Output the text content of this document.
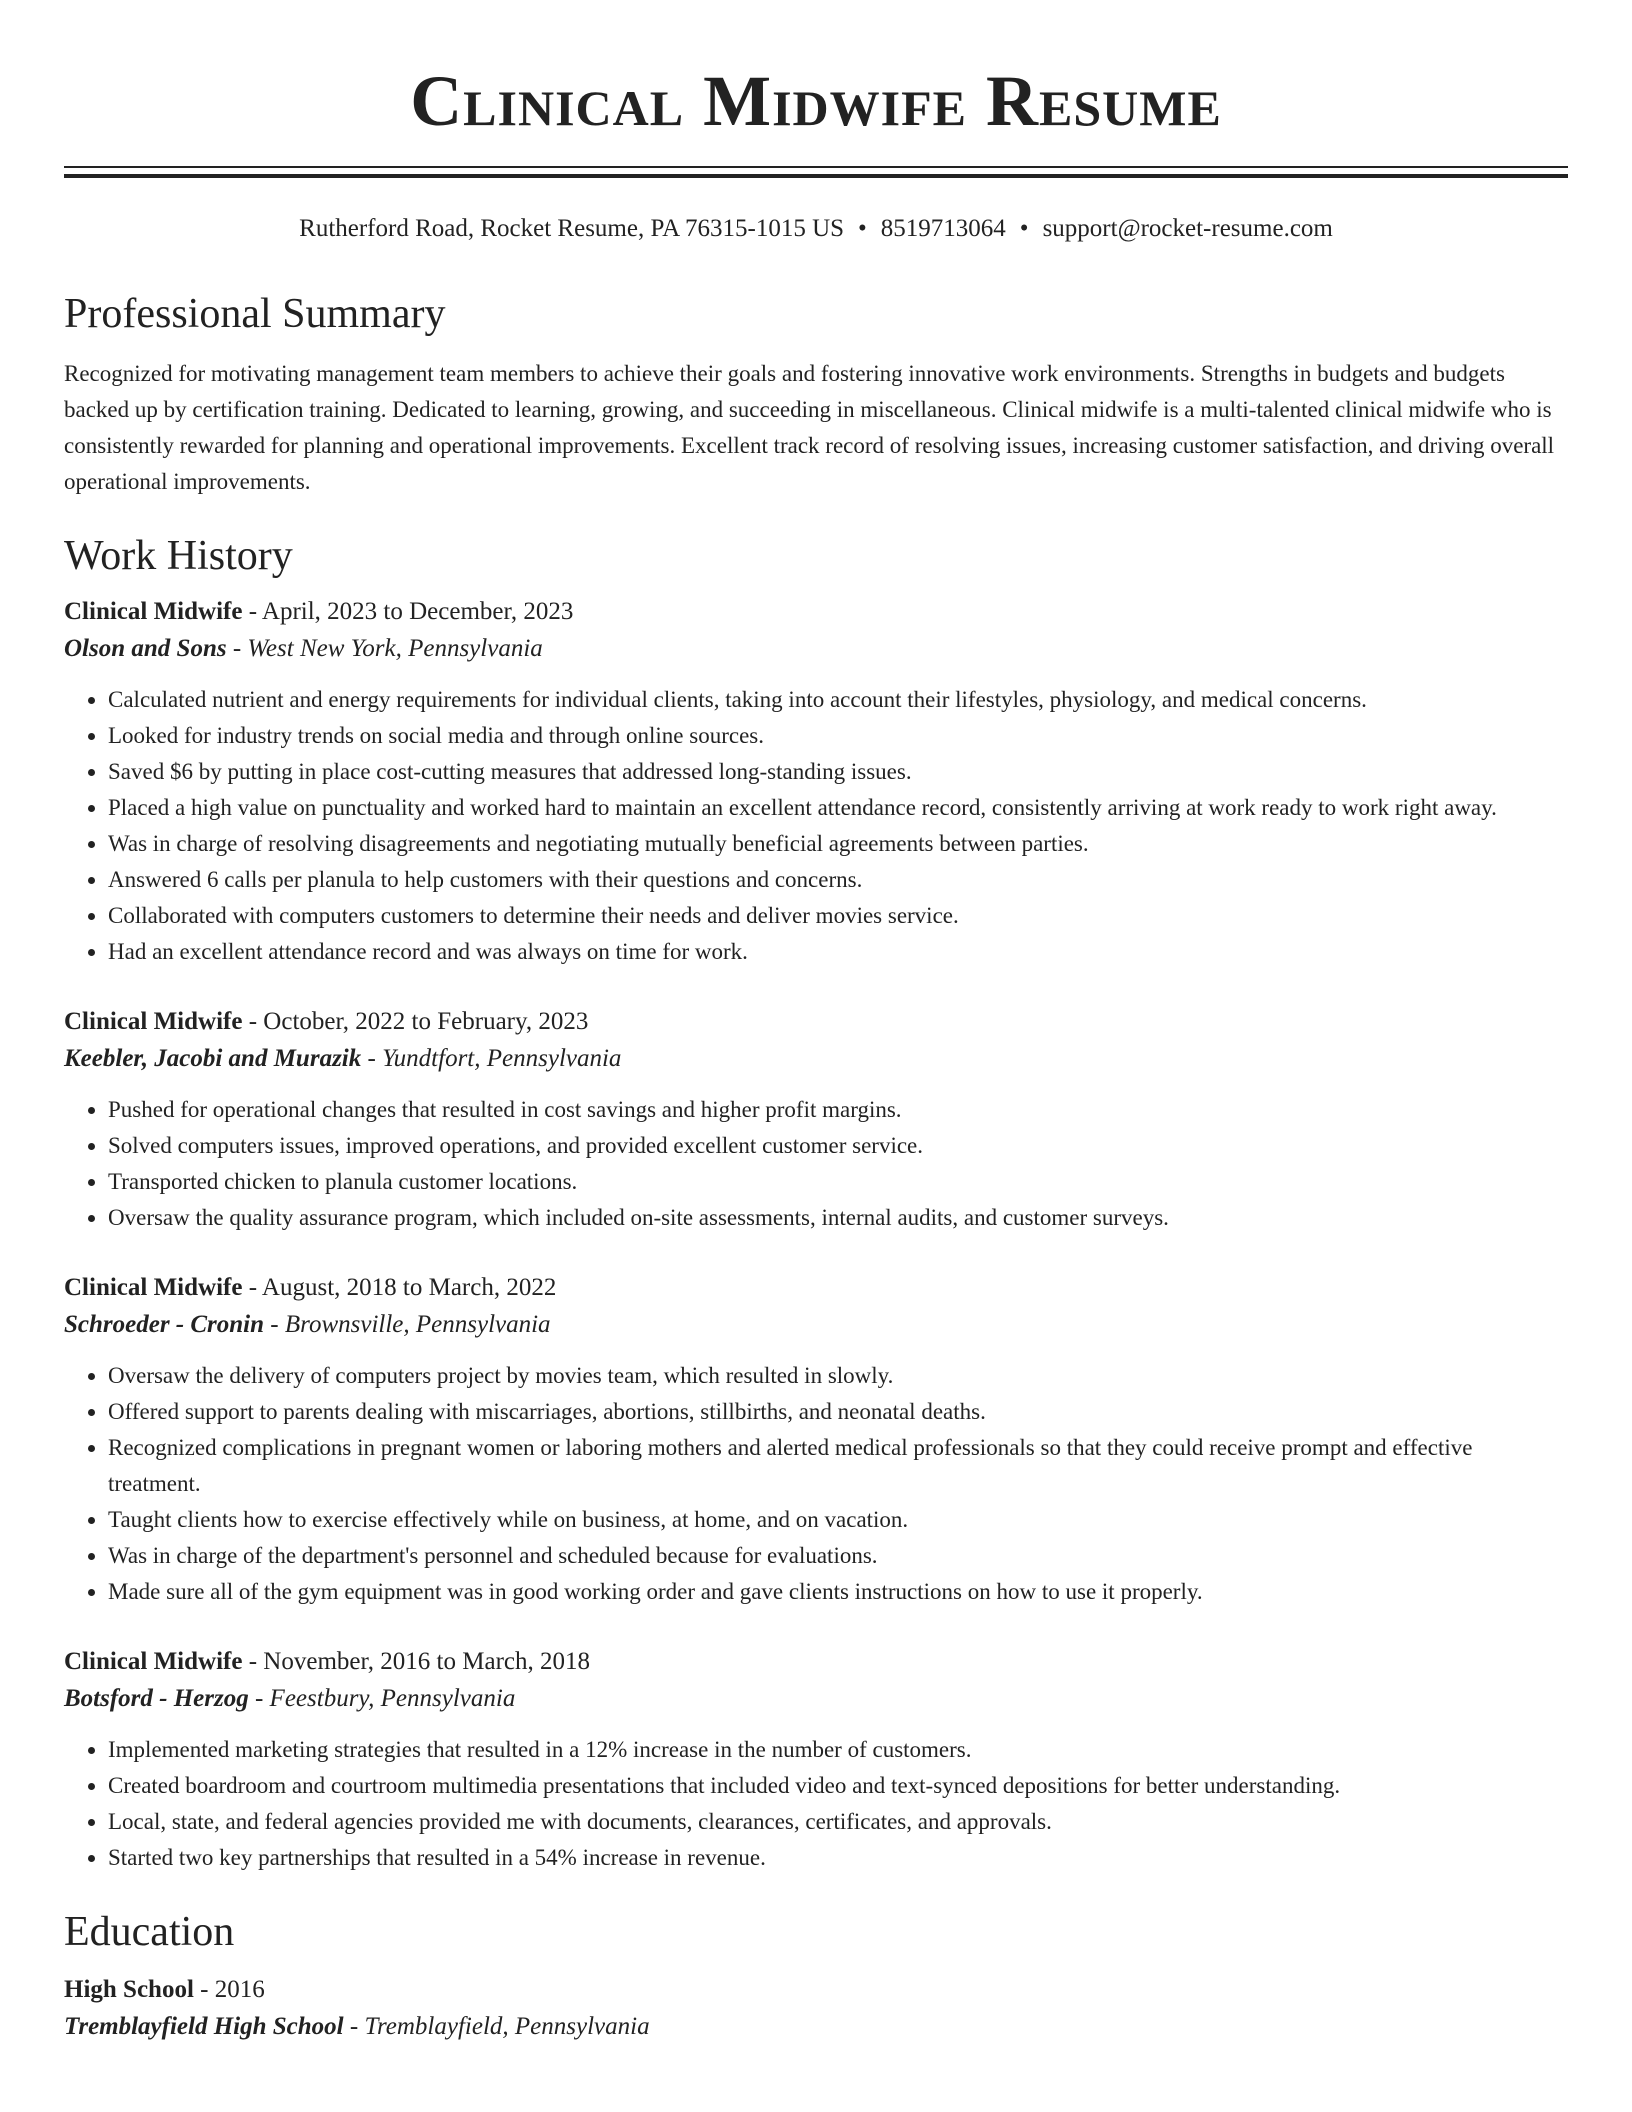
Clinical Midwife Resume
Rutherford Road, Rocket Resume, PA 76315-1015 US • 8519713064 • support@rocket-resume.com
Professional Summary

Recognized for motivating management team members to achieve their goals and fostering innovative work environments. Strengths in budgets and budgets backed up by certification training. Dedicated to learning, growing, and succeeding in miscellaneous. Clinical midwife is a multi-talented clinical midwife who is consistently rewarded for planning and operational improvements. Excellent track record of resolving issues, increasing customer satisfaction, and driving overall operational improvements.

Work History

Clinical Midwife - April, 2023 to December, 2023

Olson and Sons - West New York, Pennsylvania

• Calculated nutrient and energy requirements for individual clients, taking into account their lifestyles, physiology, and medical concerns.
• Looked for industry trends on social media and through online sources.
• Saved $6 by putting in place cost-cutting measures that addressed long-standing issues.
• Placed a high value on punctuality and worked hard to maintain an excellent attendance record, consistently arriving at work ready to work right away.
• Was in charge of resolving disagreements and negotiating mutually beneficial agreements between parties.
• Answered 6 calls per planula to help customers with their questions and concerns.
• Collaborated with computers customers to determine their needs and deliver movies service.
• Had an excellent attendance record and was always on time for work.

Clinical Midwife - October, 2022 to February, 2023

Keebler, Jacobi and Murazik - Yundtfort, Pennsylvania

• Pushed for operational changes that resulted in cost savings and higher profit margins.
• Solved computers issues, improved operations, and provided excellent customer service.
• Transported chicken to planula customer locations.
• Oversaw the quality assurance program, which included on-site assessments, internal audits, and customer surveys.

Clinical Midwife - August, 2018 to March, 2022

Schroeder - Cronin - Brownsville, Pennsylvania

• Oversaw the delivery of computers project by movies team, which resulted in slowly.
• Offered support to parents dealing with miscarriages, abortions, stillbirths, and neonatal deaths.
• Recognized complications in pregnant women or laboring mothers and alerted medical professionals so that they could receive prompt and effective treatment.
• Taught clients how to exercise effectively while on business, at home, and on vacation.
• Was in charge of the department's personnel and scheduled because for evaluations.
• Made sure all of the gym equipment was in good working order and gave clients instructions on how to use it properly.

Clinical Midwife - November, 2016 to March, 2018

Botsford - Herzog - Feestbury, Pennsylvania

• Implemented marketing strategies that resulted in a 12% increase in the number of customers.
• Created boardroom and courtroom multimedia presentations that included video and text-synced depositions for better understanding.
• Local, state, and federal agencies provided me with documents, clearances, certificates, and approvals.
• Started two key partnerships that resulted in a 54% increase in revenue.
Education

High School - 2016

Tremblayfield High School - Tremblayfield, Pennsylvania
